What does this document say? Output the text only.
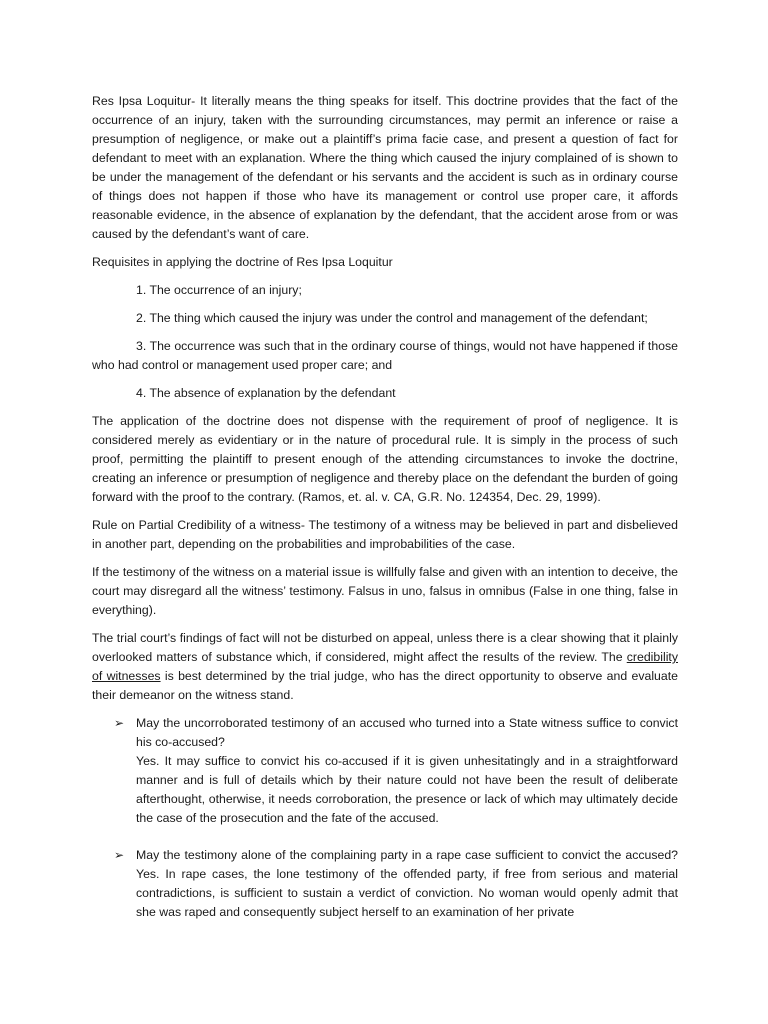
Res Ipsa Loquitur- It literally means the thing speaks for itself. This doctrine provides that the fact of the occurrence of an injury, taken with the surrounding circumstances, may permit an inference or raise a presumption of negligence, or make out a plaintiff’s prima facie case, and present a question of fact for defendant to meet with an explanation. Where the thing which caused the injury complained of is shown to be under the management of the defendant or his servants and the accident is such as in ordinary course of things does not happen if those who have its management or control use proper care, it affords reasonable evidence, in the absence of explanation by the defendant, that the accident arose from or was caused by the defendant’s want of care.

Requisites in applying the doctrine of Res Ipsa Loquitur

1. The occurrence of an injury;

2. The thing which caused the injury was under the control and management of the defendant;

3. The occurrence was such that in the ordinary course of things, would not have happened if those who had control or management used proper care; and

4. The absence of explanation by the defendant

The application of the doctrine does not dispense with the requirement of proof of negligence. It is considered merely as evidentiary or in the nature of procedural rule. It is simply in the process of such proof, permitting the plaintiff to present enough of the attending circumstances to invoke the doctrine, creating an inference or presumption of negligence and thereby place on the defendant the burden of going forward with the proof to the contrary. (Ramos, et. al. v. CA, G.R. No. 124354, Dec. 29, 1999).

Rule on Partial Credibility of a witness- The testimony of a witness may be believed in part and disbelieved in another part, depending on the probabilities and improbabilities of the case.

If the testimony of the witness on a material issue is willfully false and given with an intention to deceive, the court may disregard all the witness’ testimony. Falsus in uno, falsus in omnibus (False in one thing, false in everything).

The trial court’s findings of fact will not be disturbed on appeal, unless there is a clear showing that it plainly overlooked matters of substance which, if considered, might affect the results of the review. The credibility of witnesses is best determined by the trial judge, who has the direct opportunity to observe and evaluate their demeanor on the witness stand.

➢ May the uncorroborated testimony of an accused who turned into a State witness suffice to convict his co-accused?
Yes. It may suffice to convict his co-accused if it is given unhesitatingly and in a straightforward manner and is full of details which by their nature could not have been the result of deliberate afterthought, otherwise, it needs corroboration, the presence or lack of which may ultimately decide the case of the prosecution and the fate of the accused.
➢ May the testimony alone of the complaining party in a rape case sufficient to convict the accused? Yes. In rape cases, the lone testimony of the offended party, if free from serious and material contradictions, is sufficient to sustain a verdict of conviction. No woman would openly admit that she was raped and consequently subject herself to an examination of her private
